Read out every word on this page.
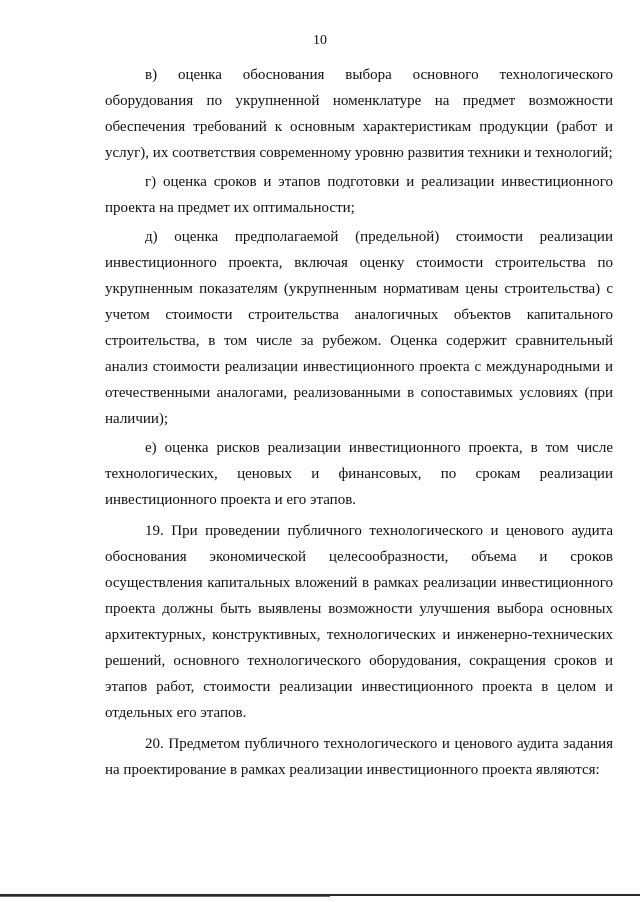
10

в) оценка обоснования выбора основного технологического оборудования по укрупненной номенклатуре на предмет возможности обеспечения требований к основным характеристикам продукции (работ и услуг), их соответствия современному уровню развития техники и технологий;

г) оценка сроков и этапов подготовки и реализации инвестиционного проекта на предмет их оптимальности;

д) оценка предполагаемой (предельной) стоимости реализации инвестиционного проекта, включая оценку стоимости строительства по укрупненным показателям (укрупненным нормативам цены строительства) с учетом стоимости строительства аналогичных объектов капитального строительства, в том числе за рубежом. Оценка содержит сравнительный анализ стоимости реализации инвестиционного проекта с международными и отечественными аналогами, реализованными в сопоставимых условиях (при наличии);

е) оценка рисков реализации инвестиционного проекта, в том числе технологических, ценовых и финансовых, по срокам реализации инвестиционного проекта и его этапов.

19. При проведении публичного технологического и ценового аудита обоснования экономической целесообразности, объема и сроков осуществления капитальных вложений в рамках реализации инвестиционного проекта должны быть выявлены возможности улучшения выбора основных архитектурных, конструктивных, технологических и инженерно-технических решений, основного технологического оборудования, сокращения сроков и этапов работ, стоимости реализации инвестиционного проекта в целом и отдельных его этапов.

20. Предметом публичного технологического и ценового аудита задания на проектирование в рамках реализации инвестиционного проекта являются:
